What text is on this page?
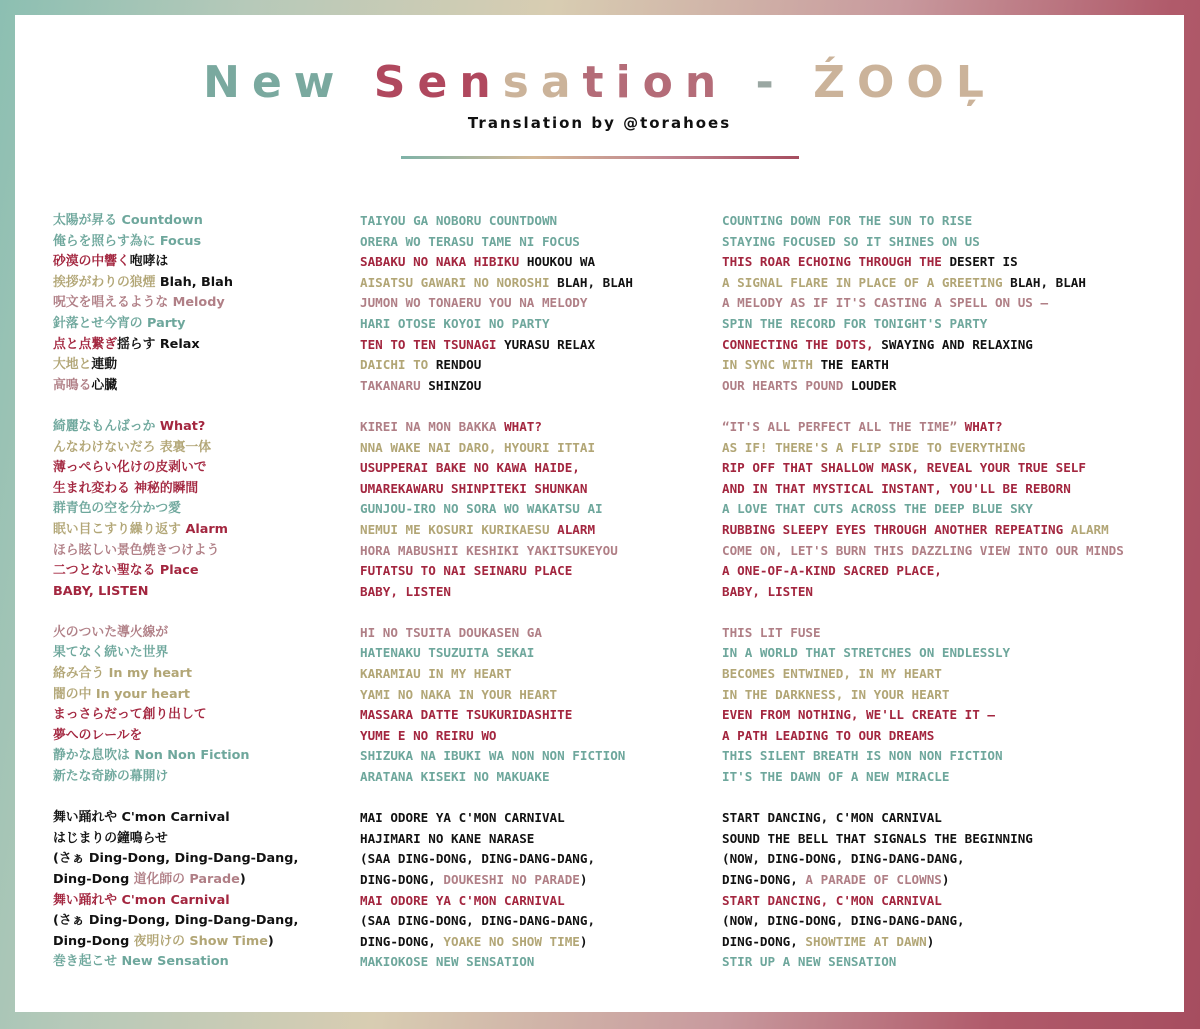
New Sensation - ŹOOĻ
Translation by @torahoes
太陽が昇る Countdown
俺らを照らす為に Focus
砂漠の中響く咆哮は
挨拶がわりの狼煙 Blah, Blah
呪文を唱えるような Melody
針落とせ今宵の Party
点と点繋ぎ揺らす Relax
大地と連動
高鳴る心臓
綺麗なもんばっか What?
んなわけないだろ 表裏一体
薄っぺらい化けの皮剥いで
生まれ変わる 神秘的瞬間
群青色の空を分かつ愛
眠い目こすり繰り返す Alarm
ほら眩しい景色焼きつけよう
二つとない聖なる Place
BABY, LISTEN
火のついた導火線が
果てなく続いた世界
絡み合う In my heart
闇の中 In your heart
まっさらだって創り出して
夢へのレールを
静かな息吹は Non Non Fiction
新たな奇跡の幕開け
舞い踊れや C'mon Carnival
はじまりの鐘鳴らせ
(さぁ Ding-Dong, Ding-Dang-Dang,
Ding-Dong 道化師の Parade)
舞い踊れや C'mon Carnival
(さぁ Ding-Dong, Ding-Dang-Dang,
Ding-Dong 夜明けの Show Time)
巻き起こせ New Sensation
TAIYOU GA NOBORU COUNTDOWN
ORERA WO TERASU TAME NI FOCUS
SABAKU NO NAKA HIBIKU HOUKOU WA
AISATSU GAWARI NO NOROSHI BLAH, BLAH
JUMON WO TONAERU YOU NA MELODY
HARI OTOSE KOYOI NO PARTY
TEN TO TEN TSUNAGI YURASU RELAX
DAICHI TO RENDOU
TAKANARU SHINZOU
KIREI NA MON BAKKA WHAT?
NNA WAKE NAI DARO, HYOURI ITTAI
USUPPERAI BAKE NO KAWA HAIDE,
UMAREKAWARU SHINPITEKI SHUNKAN
GUNJOU-IRO NO SORA WO WAKATSU AI
NEMUI ME KOSURI KURIKAESU ALARM
HORA MABUSHII KESHIKI YAKITSUKEYOU
FUTATSU TO NAI SEINARU PLACE
BABY, LISTEN
HI NO TSUITA DOUKASEN GA
HATENAKU TSUZUITA SEKAI
KARAMIAU IN MY HEART
YAMI NO NAKA IN YOUR HEART
MASSARA DATTE TSUKURIDASHITE
YUME E NO REIRU WO
SHIZUKA NA IBUKI WA NON NON FICTION
ARATANA KISEKI NO MAKUAKE
MAI ODORE YA C'MON CARNIVAL
HAJIMARI NO KANE NARASE
(SAA DING-DONG, DING-DANG-DANG,
DING-DONG, DOUKESHI NO PARADE)
MAI ODORE YA C'MON CARNIVAL
(SAA DING-DONG, DING-DANG-DANG,
DING-DONG, YOAKE NO SHOW TIME)
MAKIOKOSE NEW SENSATION
COUNTING DOWN FOR THE SUN TO RISE
STAYING FOCUSED SO IT SHINES ON US
THIS ROAR ECHOING THROUGH THE DESERT IS
A SIGNAL FLARE IN PLACE OF A GREETING BLAH, BLAH
A MELODY AS IF IT'S CASTING A SPELL ON US —
SPIN THE RECORD FOR TONIGHT'S PARTY
CONNECTING THE DOTS, SWAYING AND RELAXING
IN SYNC WITH THE EARTH
OUR HEARTS POUND LOUDER
“IT'S ALL PERFECT ALL THE TIME” WHAT?
AS IF! THERE'S A FLIP SIDE TO EVERYTHING
RIP OFF THAT SHALLOW MASK, REVEAL YOUR TRUE SELF
AND IN THAT MYSTICAL INSTANT, YOU'LL BE REBORN
A LOVE THAT CUTS ACROSS THE DEEP BLUE SKY
RUBBING SLEEPY EYES THROUGH ANOTHER REPEATING ALARM
COME ON, LET'S BURN THIS DAZZLING VIEW INTO OUR MINDS
A ONE-OF-A-KIND SACRED PLACE,
BABY, LISTEN
THIS LIT FUSE
IN A WORLD THAT STRETCHES ON ENDLESSLY
BECOMES ENTWINED, IN MY HEART
IN THE DARKNESS, IN YOUR HEART
EVEN FROM NOTHING, WE'LL CREATE IT —
A PATH LEADING TO OUR DREAMS
THIS SILENT BREATH IS NON NON FICTION
IT'S THE DAWN OF A NEW MIRACLE
START DANCING, C'MON CARNIVAL
SOUND THE BELL THAT SIGNALS THE BEGINNING
(NOW, DING-DONG, DING-DANG-DANG,
DING-DONG, A PARADE OF CLOWNS)
START DANCING, C'MON CARNIVAL
(NOW, DING-DONG, DING-DANG-DANG,
DING-DONG, SHOWTIME AT DAWN)
STIR UP A NEW SENSATION
